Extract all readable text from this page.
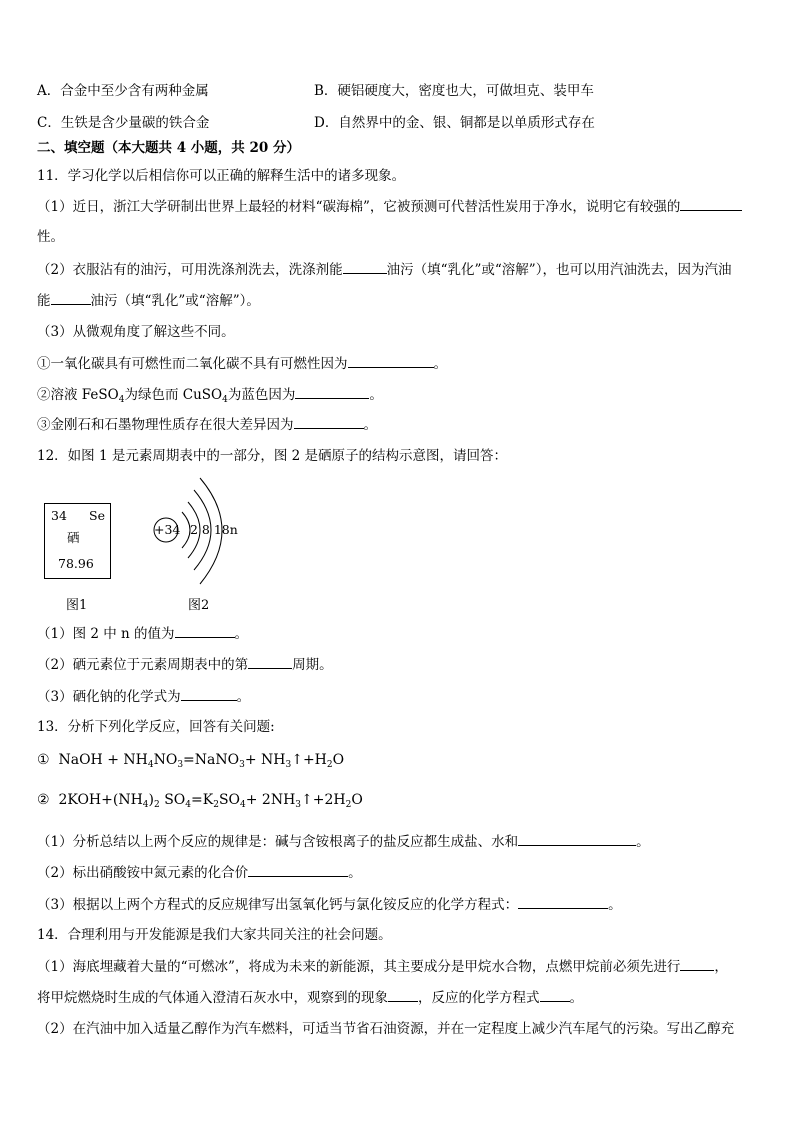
A．合金中至少含有两种金属	B．硬铝硬度大，密度也大，可做坦克、装甲车
C．生铁是含少量碳的铁合金	D．自然界中的金、银、铜都是以单质形式存在
二、填空题（本大题共 4 小题，共 20 分）
11．学习化学以后相信你可以正确的解释生活中的诸多现象。
（1）近日，浙江大学研制出世界上最轻的材料“碳海棉”，它被预测可代替活性炭用于净水，说明它有较强的
性。
（2）衣服沾有的油污，可用洗涤剂洗去，洗涤剂能	油污（填“乳化”或“溶解”），也可以用汽油洗去，因为汽油
能	油污（填“乳化”或“溶解”）。
（3）从微观角度了解这些不同。
①一氧化碳具有可燃性而二氧化碳不具有可燃性因为	。
②溶液 FeSO$_4$为绿色而 CuSO$_4$为蓝色因为	。
③金刚石和石墨物理性质存在很大差异因为	。
12．如图 1 是元素周期表中的一部分，图 2 是硒原子的结构示意图，请回答：
34 Se
硒
78.96
图1
+34 2 8 18n
图2
（1）图 2 中 n 的值为	。
（2）硒元素位于元素周期表中的第	周期。
（3）硒化钠的化学式为	。
13．分析下列化学反应，回答有关问题:
① NaOH + $NH_4NO_3=NaNO_3+$ $NH_3↑+H_2O$
② $2KOH+(NH_4)_2$ $SO_4=K_2SO_4+$ $2NH_3↑+2H_2O$
（1）分析总结以上两个反应的规律是：碱与含铵根离子的盐反应都生成盐、水和	。
（2）标出硝酸铵中氮元素的化合价	。
（3）根据以上两个方程式的反应规律写出氢氧化钙与氯化铵反应的化学方程式：	。
14．合理利用与开发能源是我们大家共同关注的社会问题。
（1）海底埋藏着大量的“可燃冰”，将成为未来的新能源，其主要成分是甲烷水合物，点燃甲烷前必须先进行	，
将甲烷燃烧时生成的气体通入澄清石灰水中，观察到的现象 ，反应的化学方程式 。
（2）在汽油中加入适量乙醇作为汽车燃料，可适当节省石油资源，并在一定程度上减少汽车尾气的污染。写出乙醇充
